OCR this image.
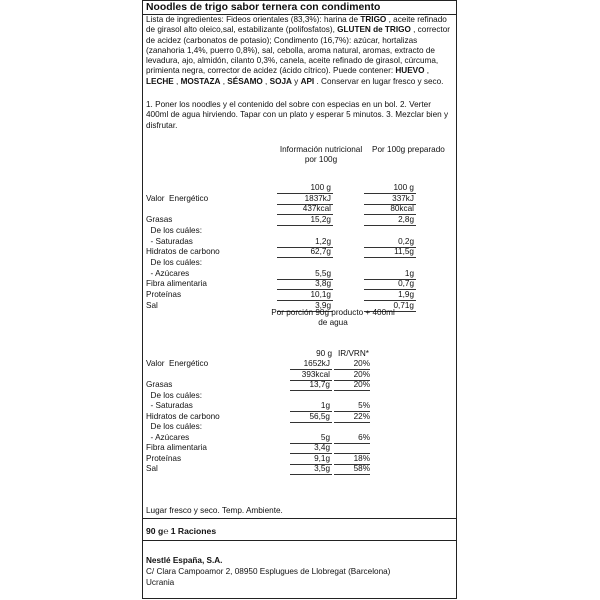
Noodles de trigo sabor ternera con condimento
Lista de ingredientes: Fideos orientales (83,3%): harina de TRIGO , aceite refinado de girasol alto oleico,sal, estabilizante (polifosfatos), GLUTEN de TRIGO , corrector de acidez (carbonatos de potasio); Condimento (16,7%): azúcar, hortalizas (zanahoria 1,4%, puerro 0,8%), sal, cebolla, aroma natural, aromas, extracto de levadura, ajo, almidón, cilanto 0,3%, canela, aceite refinado de girasol, cúrcuma, primienta negra, corrector de acidez (ácido cítrico). Puede contener: HUEVO , LECHE , MOSTAZA , SÉSAMO , SOJA y API . Conservar en lugar fresco y seco.
1. Poner los noodles y el contenido del sobre con especias en un bol. 2. Verter 400ml de agua hirviendo. Tapar con un plato y esperar 5 minutos. 3. Mezclar bien y disfrutar.
Información nutricional por 100g
Por 100g preparado
100 g	100 g
Valor  Energético	1837kJ	337kJ
437kcal	80kcal
Grasas	15,2g	2,8g
De los cuáles:
- Saturadas	1,2g	0,2g
Hidratos de carbono	62,7g	11,5g
De los cuáles:
- Azúcares	5,5g	1g
Fibra alimentaria	3,8g	0,7g
Proteínas	10,1g	1,9g
Sal	3,9g	0,71g
Por porción 90g producto + 400ml de agua
90 g IR/VRN*
Valor  Energético	1652kJ	20%
393kcal	20%
Grasas	13,7g	20%
De los cuáles:
- Saturadas	1g	5%
Hidratos de carbono	56,5g	22%
De los cuáles:
- Azúcares	5g	6%
Fibra alimentaria	3,4g
Proteínas	9,1g	18%
Sal	3,5g	58%
Lugar fresco y seco. Temp. Ambiente.
90 g℮ 1 Raciones
Nestlé España, S.A.
C/ Clara Campoamor 2, 08950 Esplugues de Llobregat (Barcelona)
Ucrania
